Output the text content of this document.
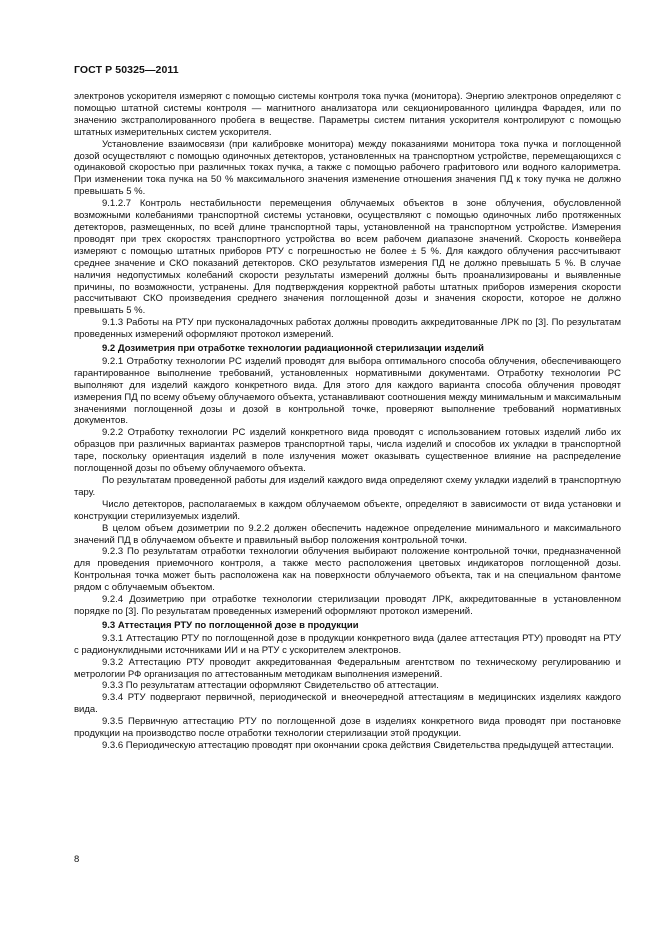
ГОСТ Р 50325—2011

электронов ускорителя измеряют с помощью системы контроля тока пучка (монитора). Энергию электронов определяют с помощью штатной системы контроля — магнитного анализатора или секционированного цилиндра Фарадея, или по значению экстраполированного пробега в веществе. Параметры систем питания ускорителя контролируют с помощью штатных измерительных систем ускорителя.

Установление взаимосвязи (при калибровке монитора) между показаниями монитора тока пучка и поглощенной дозой осуществляют с помощью одиночных детекторов, установленных на транспортном устройстве, перемещающихся с одинаковой скоростью при различных токах пучка, а также с помощью рабочего графитового или водного калориметра. При изменении тока пучка на 50 % максимального значения изменение отношения значения ПД к току пучка не должно превышать 5 %.

9.1.2.7 Контроль нестабильности перемещения облучаемых объектов в зоне облучения, обусловленной возможными колебаниями транспортной системы установки, осуществляют с помощью одиночных либо протяженных детекторов, размещенных, по всей длине транспортной тары, установленной на транспортном устройстве. Измерения проводят при трех скоростях транспортного устройства во всем рабочем диапазоне значений. Скорость конвейера измеряют с помощью штатных приборов РТУ с погрешностью не более ± 5 %. Для каждого облучения рассчитывают среднее значение и СКО показаний детекторов. СКО результатов измерения ПД не должно превышать 5 %. В случае наличия недопустимых колебаний скорости результаты измерений должны быть проанализированы и выявленные причины, по возможности, устранены. Для подтверждения корректной работы штатных приборов измерения скорости рассчитывают СКО произведения среднего значения поглощенной дозы и значения скорости, которое не должно превышать 5 %.

9.1.3 Работы на РТУ при пусконаладочных работах должны проводить аккредитованные ЛРК по [3]. По результатам проведенных измерений оформляют протокол измерений.

9.2 Дозиметрия при отработке технологии радиационной стерилизации изделий

9.2.1 Отработку технологии PC изделий проводят для выбора оптимального способа облучения, обеспечивающего гарантированное выполнение требований, установленных нормативными документами. Отработку технологии PC выполняют для изделий каждого конкретного вида. Для этого для каждого варианта способа облучения проводят измерения ПД по всему объему облучаемого объекта, устанавливают соотношения между минимальным и максимальным значениями поглощенной дозы и дозой в контрольной точке, проверяют выполнение требований нормативных документов.

9.2.2 Отработку технологии PC изделий конкретного вида проводят с использованием готовых изделий либо их образцов при различных вариантах размеров транспортной тары, числа изделий и способов их укладки в транспортной таре, поскольку ориентация изделий в поле излучения может оказывать существенное влияние на распределение поглощенной дозы по объему облучаемого объекта.

По результатам проведенной работы для изделий каждого вида определяют схему укладки изделий в транспортную тару.

Число детекторов, располагаемых в каждом облучаемом объекте, определяют в зависимости от вида установки и конструкции стерилизуемых изделий.

В целом объем дозиметрии по 9.2.2 должен обеспечить надежное определение минимального и максимального значений ПД в облучаемом объекте и правильный выбор положения контрольной точки.

9.2.3 По результатам отработки технологии облучения выбирают положение контрольной точки, предназначенной для проведения приемочного контроля, а также место расположения цветовых индикаторов поглощенной дозы. Контрольная точка может быть расположена как на поверхности облучаемого объекта, так и на специальном фантоме рядом с облучаемым объектом.

9.2.4 Дозиметрию при отработке технологии стерилизации проводят ЛРК, аккредитованные в установленном порядке по [3]. По результатам проведенных измерений оформляют протокол измерений.

9.3 Аттестация РТУ по поглощенной дозе в продукции

9.3.1 Аттестацию РТУ по поглощенной дозе в продукции конкретного вида (далее аттестация РТУ) проводят на РТУ с радионуклидными источниками ИИ и на РТУ с ускорителем электронов.

9.3.2 Аттестацию РТУ проводит аккредитованная Федеральным агентством по техническому регулированию и метрологии РФ организация по аттестованным методикам выполнения измерений.

9.3.3 По результатам аттестации оформляют Свидетельство об аттестации.

9.3.4 РТУ подвергают первичной, периодической и внеочередной аттестациям в медицинских изделиях каждого вида.

9.3.5 Первичную аттестацию РТУ по поглощенной дозе в изделиях конкретного вида проводят при постановке продукции на производство после отработки технологии стерилизации этой продукции.

9.3.6 Периодическую аттестацию проводят при окончании срока действия Свидетельства предыдущей аттестации.

8
